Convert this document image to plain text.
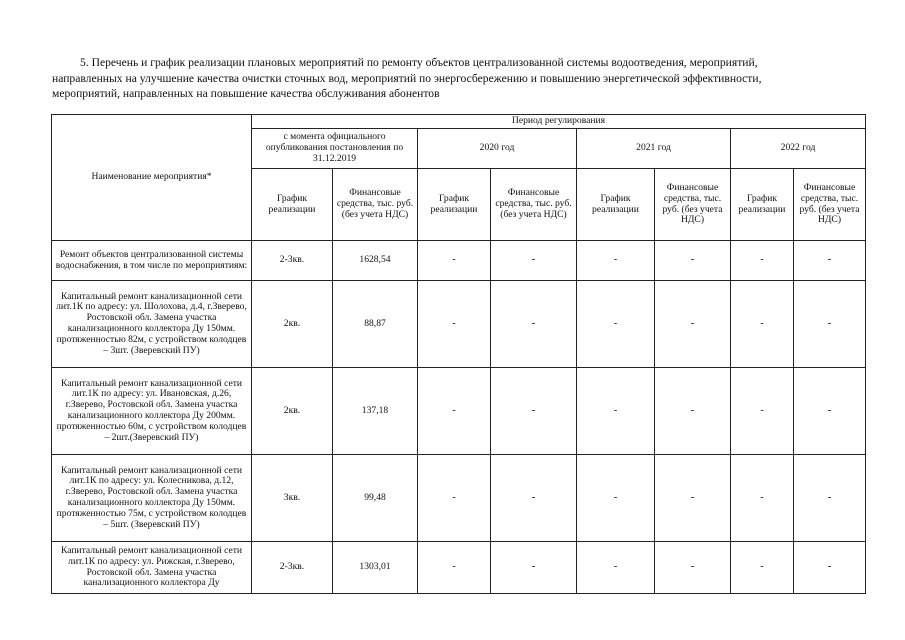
5. Перечень и график реализации плановых мероприятий по ремонту объектов централизованной системы водоотведения, мероприятий,
направленных на улучшение качества очистки сточных вод, мероприятий по энергосбережению и повышению энергетической эффективности,
мероприятий, направленных на повышение качества обслуживания абонентов
Наименование мероприятия*	Период регулирования							
	с момента официального опубликования постановления по 31.12.2019		2020 год		2021 год		2022 год	
	График реализации	Финансовые средства, тыс. руб. (без учета НДС)	График реализации	Финансовые средства, тыс. руб. (без учета НДС)	График реализации	Финансовые средства, тыс. руб. (без учета НДС)	График реализации	Финансовые средства, тыс. руб. (без учета НДС)
Ремонт объектов централизованной системы водоснабжения, в том числе по мероприятиям:	2-3кв.	1628,54	-	-	-	-	-	-
Капитальный ремонт канализационной сети лит.1К по адресу: ул. Шолохова, д.4, г.Зверево, Ростовской обл. Замена участка канализационного коллектора Ду 150мм. протяженностью 82м, с устройством колодцев – 3шт. (Зверевский ПУ)	2кв.	88,87	-	-	-	-	-	-
Капитальный ремонт канализационной сети лит.1К по адресу: ул. Ивановская, д.26, г.Зверево, Ростовской обл. Замена участка канализационного коллектора Ду 200мм. протяженностью 60м, с устройством колодцев – 2шт.(Зверевский ПУ)	2кв.	137,18	-	-	-	-	-	-
Капитальный ремонт канализационной сети лит.1К по адресу: ул. Колесникова, д.12, г.Зверево, Ростовской обл. Замена участка канализационного коллектора Ду 150мм. протяженностью 75м, с устройством колодцев – 5шт. (Зверевский ПУ)	3кв.	99,48	-	-	-	-	-	-
Капитальный ремонт канализационной сети лит.1К по адресу: ул. Рижская, г.Зверево, Ростовской обл. Замена участка канализационного коллектора Ду	2-3кв.	1303,01	-	-	-	-	-	-
